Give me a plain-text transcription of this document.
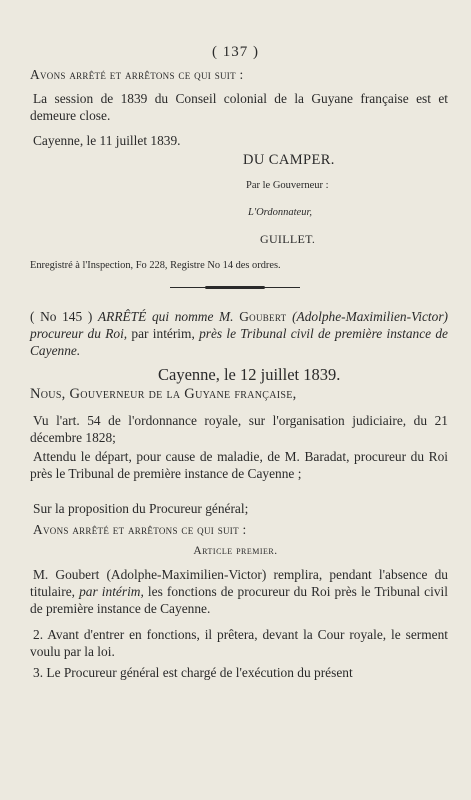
( 137 )
Avons arrêté et arrêtons ce qui suit :
La session de 1839 du Conseil colonial de la Guyane française est et demeure close.
Cayenne, le 11 juillet 1839.
DU CAMPER.
Par le Gouverneur :
L'Ordonnateur,
GUILLET.
Enregistré à l'Inspection, Fo 228, Registre No 14 des ordres.
( No 145 ) ARRÊTÉ qui nomme M. Goubert (Adolphe-Maximilien-Victor) procureur du Roi, par intérim, près le Tribunal civil de première instance de Cayenne.
Cayenne, le 12 juillet 1839.
Nous, Gouverneur de la Guyane française,
Vu l'art. 54 de l'ordonnance royale, sur l'organisation judiciaire, du 21 décembre 1828;
Attendu le départ, pour cause de maladie, de M. Baradat, procureur du Roi près le Tribunal de première instance de Cayenne ;
Sur la proposition du Procureur général;
Avons arrêté et arrêtons ce qui suit :
Article premier.
M. Goubert (Adolphe-Maximilien-Victor) remplira, pendant l'absence du titulaire, par intérim, les fonctions de procureur du Roi près le Tribunal civil de première instance de Cayenne.
2. Avant d'entrer en fonctions, il prêtera, devant la Cour royale, le serment voulu par la loi.
3. Le Procureur général est chargé de l'exécution du présent
